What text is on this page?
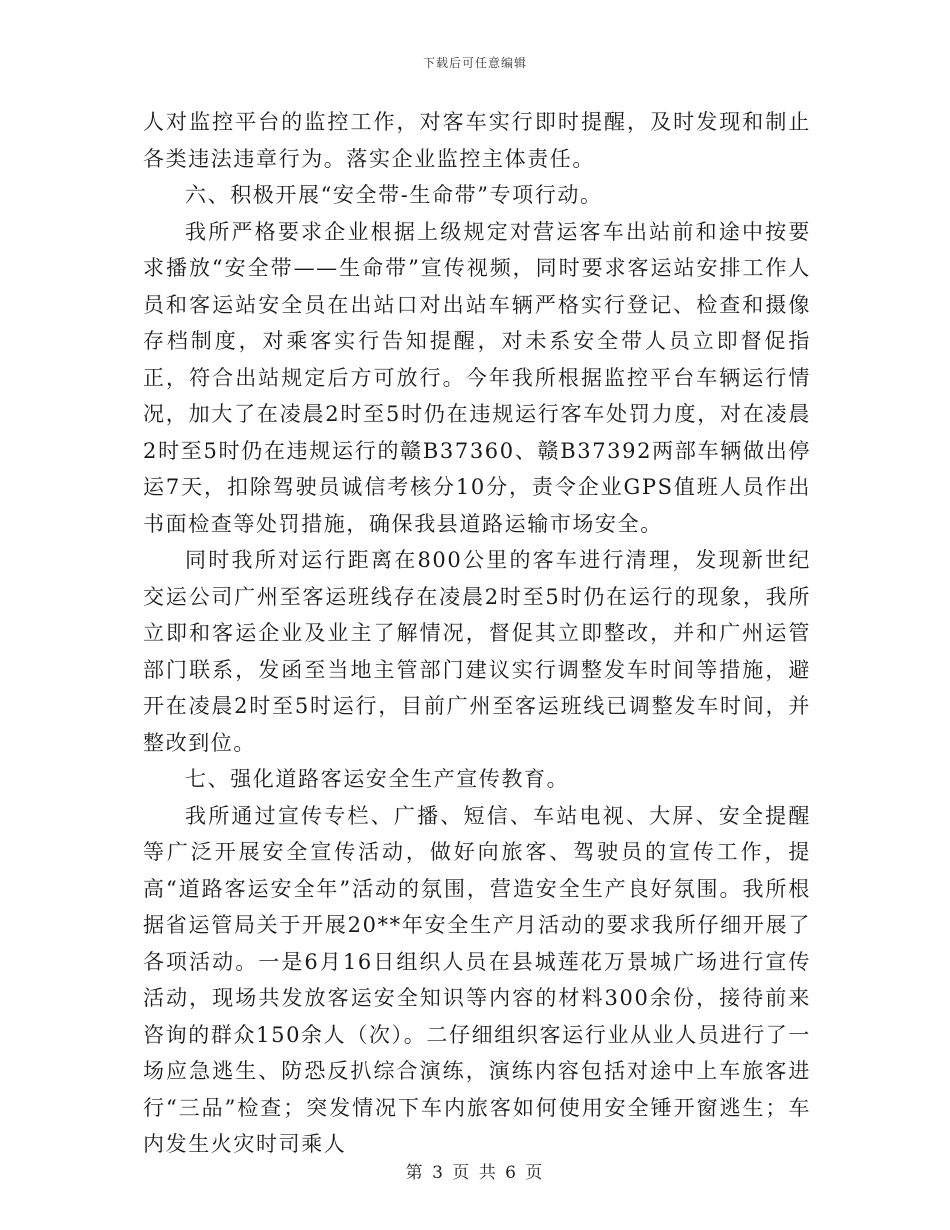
下载后可任意编辑

人对监控平台的监控工作，对客车实行即时提醒，及时发现和制止各类违法违章行为。落实企业监控主体责任。

六、积极开展“安全带-生命带”专项行动。

我所严格要求企业根据上级规定对营运客车出站前和途中按要求播放“安全带——生命带”宣传视频，同时要求客运站安排工作人员和客运站安全员在出站口对出站车辆严格实行登记、检查和摄像存档制度，对乘客实行告知提醒，对未系安全带人员立即督促指正，符合出站规定后方可放行。今年我所根据监控平台车辆运行情况，加大了在凌晨2时至5时仍在违规运行客车处罚力度，对在凌晨2时至5时仍在违规运行的赣B37360、赣B37392两部车辆做出停运7天，扣除驾驶员诚信考核分10分，责令企业GPS值班人员作出书面检查等处罚措施，确保我县道路运输市场安全。

同时我所对运行距离在800公里的客车进行清理，发现新世纪交运公司广州至客运班线存在凌晨2时至5时仍在运行的现象，我所立即和客运企业及业主了解情况，督促其立即整改，并和广州运管部门联系，发函至当地主管部门建议实行调整发车时间等措施，避开在凌晨2时至5时运行，目前广州至客运班线已调整发车时间，并整改到位。

七、强化道路客运安全生产宣传教育。

我所通过宣传专栏、广播、短信、车站电视、大屏、安全提醒等广泛开展安全宣传活动，做好向旅客、驾驶员的宣传工作，提高“道路客运安全年”活动的氛围，营造安全生产良好氛围。我所根据省运管局关于开展20**年安全生产月活动的要求我所仔细开展了各项活动。一是6月16日组织人员在县城莲花万景城广场进行宣传活动，现场共发放客运安全知识等内容的材料300余份，接待前来咨询的群众150余人（次）。二仔细组织客运行业从业人员进行了一场应急逃生、防恐反扒综合演练，演练内容包括对途中上车旅客进行“三品”检查；突发情况下车内旅客如何使用安全锤开窗逃生；车内发生火灾时司乘人

第 3 页 共 6 页
